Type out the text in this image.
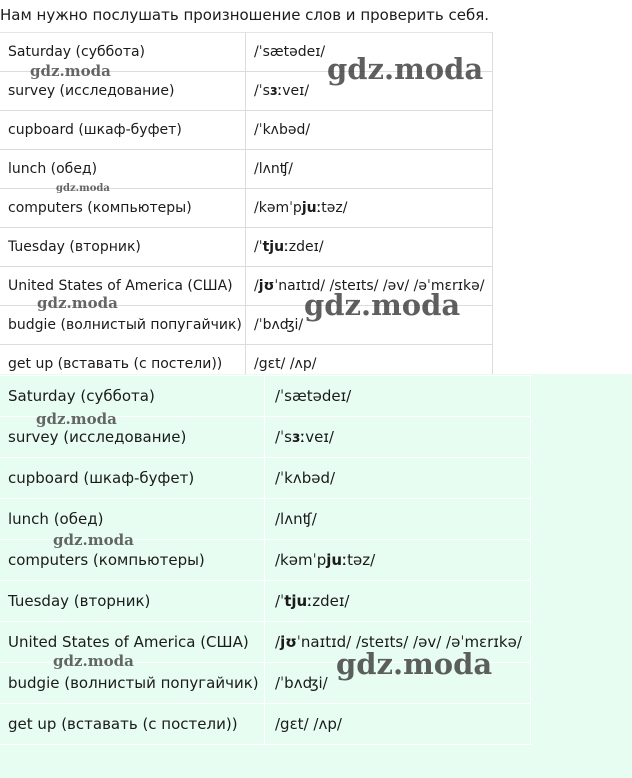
Нам нужно послушать произношение слов и проверить себя.
Saturday (суббота)	/ˈsætədeɪ/
survey (исследование)	/ˈsɜːveɪ/
cupboard (шкаф-буфет)	/ˈkʌbəd/
lunch (обед)	/lʌnʧ/
computers (компьютеры)	/kəmˈpjuːtəz/
Tuesday (вторник)	/ˈtjuːzdeɪ/
United States of America (США)	/jʊˈnaɪtɪd/ /steɪts/ /əv/ /əˈmɛrɪkə/
budgie (волнистый попугайчик)	/ˈbʌʤi/
get up (вставать (с постели))	/gɛt/ /ʌp/
Saturday (суббота)	/ˈsætədeɪ/
survey (исследование)	/ˈsɜːveɪ/
cupboard (шкаф-буфет)	/ˈkʌbəd/
lunch (обед)	/lʌnʧ/
computers (компьютеры)	/kəmˈpjuːtəz/
Tuesday (вторник)	/ˈtjuːzdeɪ/
United States of America (США)	/jʊˈnaɪtɪd/ /steɪts/ /əv/ /əˈmɛrɪkə/
budgie (волнистый попугайчик)	/ˈbʌʤi/
get up (вставать (с постели))	/gɛt/ /ʌp/
gdz.moda	gdz.moda
gdz.moda
gdz.moda	gdz.moda
gdz.moda
gdz.moda
gdz.moda	gdz.moda
